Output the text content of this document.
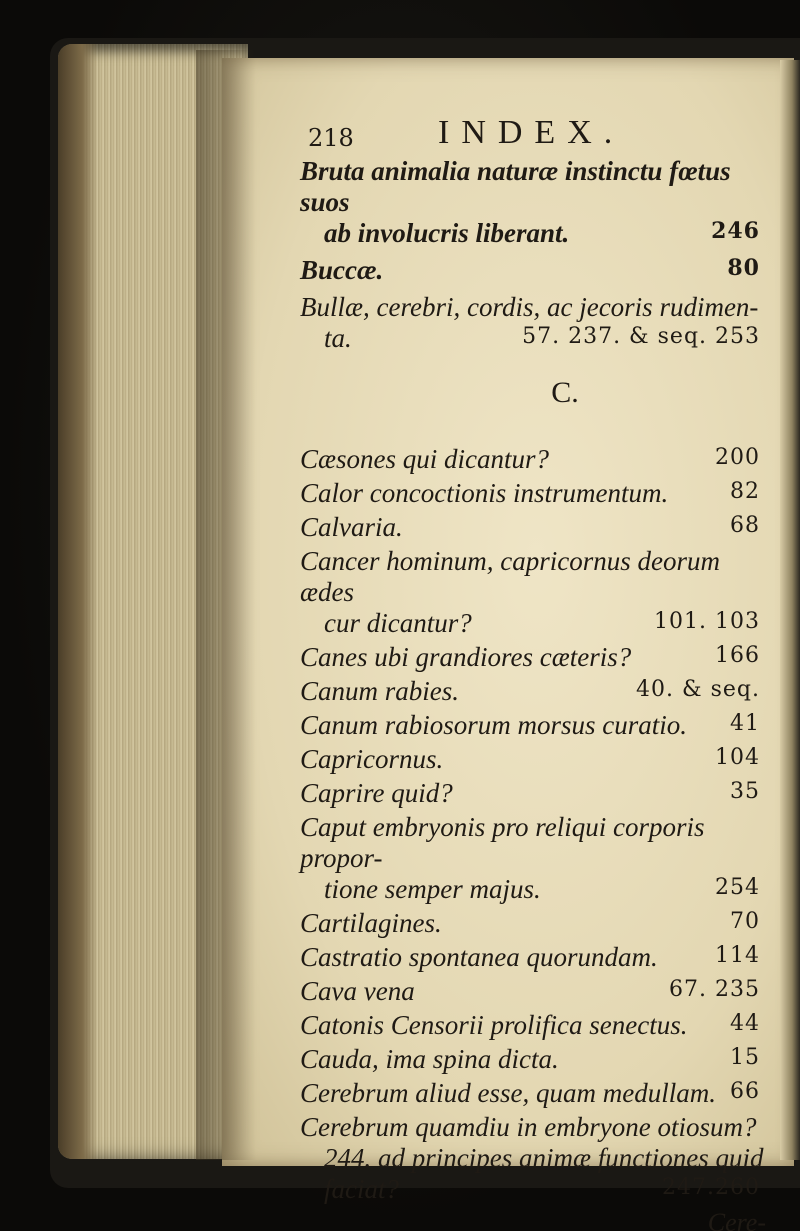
218 INDEX.
Bruta animalia naturæ instinctu fœtus suos
ab involucris liberant.	246
Buccæ.	80
Bullæ, cerebri, cordis, ac jecoris rudimen-
ta.	57. 237. & seq. 253
C.
Cæsones qui dicantur?	200
Calor concoctionis instrumentum.	82
Calvaria.	68
Cancer hominum, capricornus deorum ædes
cur dicantur?	101. 103
Canes ubi grandiores cæteris?	166
Canum rabies.	40. & seq.
Canum rabiosorum morsus curatio. 41
Capricornus.	104
Caprire quid?	35
Caput embryonis pro reliqui corporis propor-
tione semper majus.	254
Cartilagines.	70
Castratio spontanea quorundam.	114
Cava vena	67. 235
Catonis Censorii prolifica senectus. 44
Cauda, ima spina dicta.	15
Cerebrum aliud esse, quam medullam. 66
Cerebrum quamdiu in embryone otiosum?
244. ad principes animæ functiones quid
faciat?	247.260
Cere-
